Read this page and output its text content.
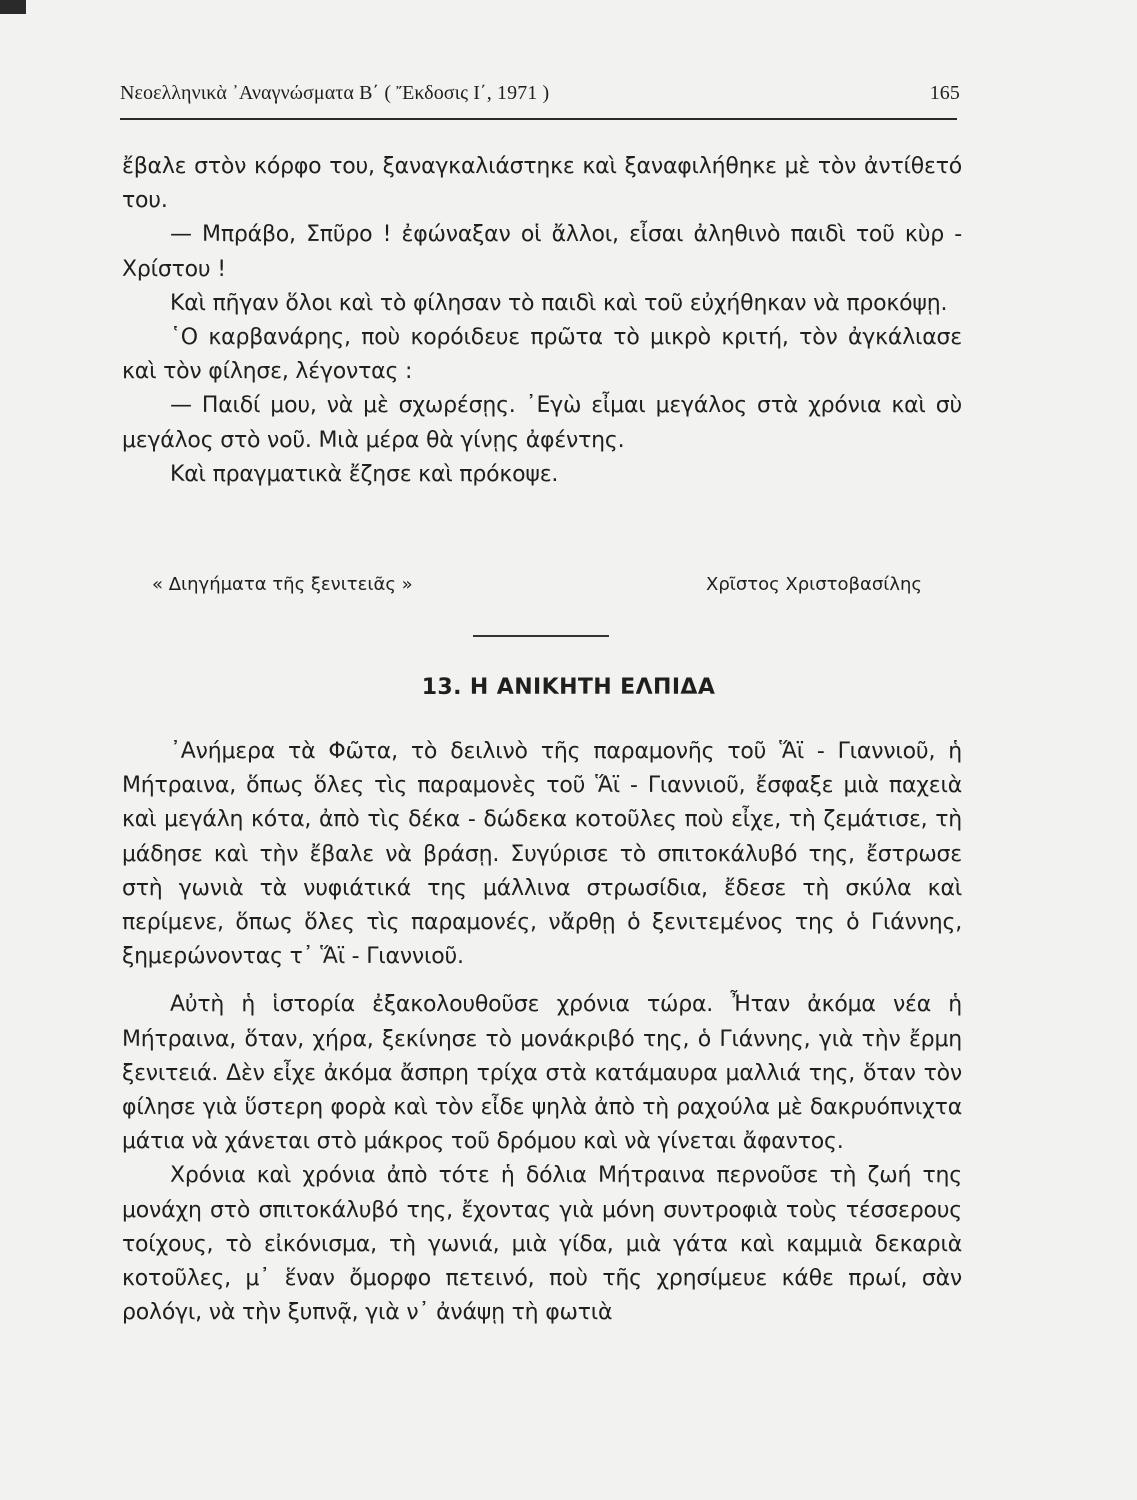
Νεοελληνικὰ ᾿Αναγνώσματα Β΄ ( Ἔκδοσις Ι΄, 1971 )	165

ἔβαλε στὸν κόρφο του, ξαναγκαλιάστηκε καὶ ξαναφιλήθηκε μὲ τὸν ἀντίθετό του.

— Μπράβο, Σπῦρο ! ἐφώναξαν οἱ ἄλλοι, εἶσαι ἀληθινὸ παιδὶ τοῦ κὺρ - Χρίστου !

Καὶ πῆγαν ὅλοι καὶ τὸ φίλησαν τὸ παιδὶ καὶ τοῦ εὐχήθηκαν νὰ προκόψῃ.

῾Ο καρβανάρης, ποὺ κορόιδευε πρῶτα τὸ μικρὸ κριτή, τὸν ἀγκάλιασε καὶ τὸν φίλησε, λέγοντας :

— Παιδί μου, νὰ μὲ σχωρέσῃς. ᾿Εγὼ εἶμαι μεγάλος στὰ χρόνια καὶ σὺ μεγάλος στὸ νοῦ. Μιὰ μέρα θὰ γίνῃς ἀφέντης.

Καὶ πραγματικὰ ἔζησε καὶ πρόκοψε.

« Διηγήματα τῆς ξενιτειᾶς »	Χρῖστος Χριστοβασίλης
13. Η ΑΝΙΚΗΤΗ ΕΛΠΙΔΑ

᾿Ανήμερα τὰ Φῶτα, τὸ δειλινὸ τῆς παραμονῆς τοῦ Ἅϊ - Γιαννιοῦ, ἡ Μήτραινα, ὅπως ὅλες τὶς παραμονὲς τοῦ Ἅϊ - Γιαννιοῦ, ἔσφαξε μιὰ παχειὰ καὶ μεγάλη κότα, ἀπὸ τὶς δέκα - δώδεκα κοτοῦλες ποὺ εἶχε, τὴ ζεμάτισε, τὴ μάδησε καὶ τὴν ἔβαλε νὰ βράσῃ. Συγύρισε τὸ σπιτοκάλυβό της, ἔστρωσε στὴ γωνιὰ τὰ νυφιάτικά της μάλλινα στρωσίδια, ἔδεσε τὴ σκύλα καὶ περίμενε, ὅπως ὅλες τὶς παραμονές, νἄρθῃ ὁ ξενιτεμένος της ὁ Γιάννης, ξημερώνοντας τ᾿ Ἅϊ - Γιαννιοῦ.

Αὐτὴ ἡ ἱστορία ἐξακολουθοῦσε χρόνια τώρα. Ἦταν ἀκόμα νέα ἡ Μήτραινα, ὅταν, χήρα, ξεκίνησε τὸ μονάκριβό της, ὁ Γιάννης, γιὰ τὴν ἔρμη ξενιτειά. Δὲν εἶχε ἀκόμα ἄσπρη τρίχα στὰ κατάμαυρα μαλλιά της, ὅταν τὸν φίλησε γιὰ ὕστερη φορὰ καὶ τὸν εἶδε ψηλὰ ἀπὸ τὴ ραχούλα μὲ δακρυόπνιχτα μάτια νὰ χάνεται στὸ μάκρος τοῦ δρόμου καὶ νὰ γίνεται ἄφαντος.

Χρόνια καὶ χρόνια ἀπὸ τότε ἡ δόλια Μήτραινα περνοῦσε τὴ ζωή της μονάχη στὸ σπιτοκάλυβό της, ἔχοντας γιὰ μόνη συντροφιὰ τοὺς τέσσερους τοίχους, τὸ εἰκόνισμα, τὴ γωνιά, μιὰ γίδα, μιὰ γάτα καὶ καμμιὰ δεκαριὰ κοτοῦλες, μ᾿ ἕναν ὄμορφο πετεινό, ποὺ τῆς χρησίμευε κάθε πρωί, σὰν ρολόγι, νὰ τὴν ξυπνᾷ, γιὰ ν᾿ ἀνάψῃ τὴ φωτιὰ
